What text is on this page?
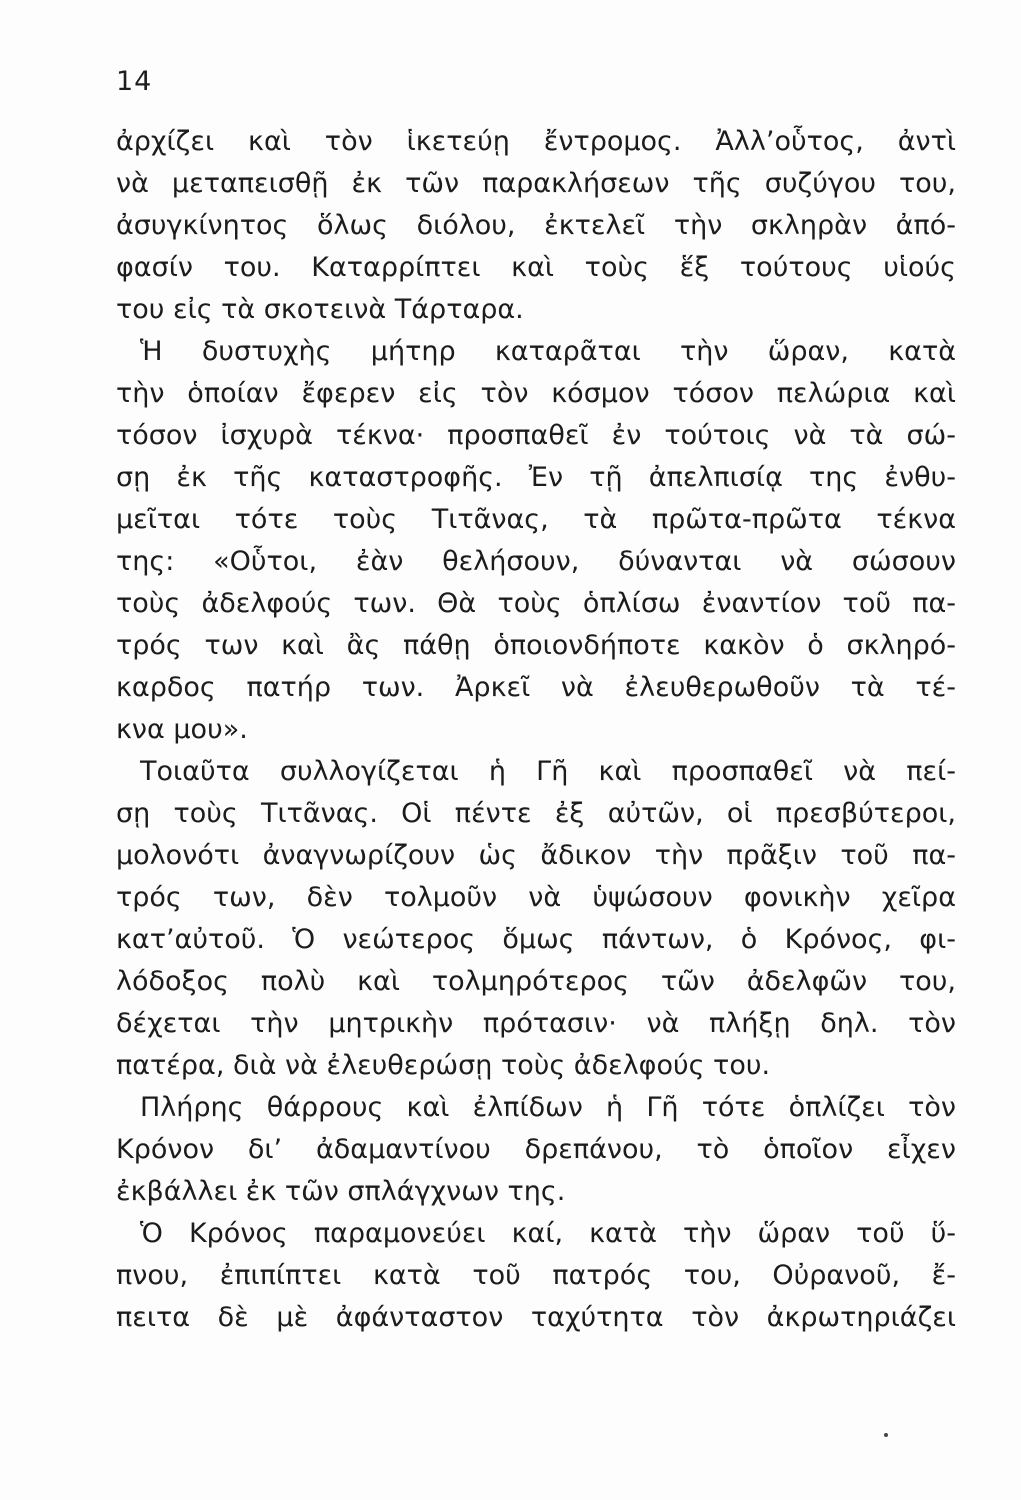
14
ἀρχίζει καὶ τὸν ἱκετεύῃ ἔντρομος. Ἀλλ’οὗτος, ἀντὶ
νὰ μεταπεισθῇ ἐκ τῶν παρακλήσεων τῆς συζύγου του,
ἀσυγκίνητος ὅλως διόλου, ἐκτελεῖ τὴν σκληρὰν ἀπό-
φασίν του. Καταρρίπτει καὶ τοὺς ἕξ τούτους υἱούς
του εἰς τὰ σκοτεινὰ Τάρταρα.
Ἡ δυστυχὴς μήτηρ καταρᾶται τὴν ὥραν, κατὰ
τὴν ὁποίαν ἔφερεν εἰς τὸν κόσμον τόσον πελώρια καὶ
τόσον ἰσχυρὰ τέκνα· προσπαθεῖ ἐν τούτοις νὰ τὰ σώ-
σῃ ἐκ τῆς καταστροφῆς. Ἐν τῇ ἀπελπισίᾳ της ἐνθυ-
μεῖται τότε τοὺς Τιτᾶνας, τὰ πρῶτα-πρῶτα τέκνα
της: «Οὗτοι, ἐὰν θελήσουν, δύνανται νὰ σώσουν
τοὺς ἀδελφούς των. Θὰ τοὺς ὁπλίσω ἐναντίον τοῦ πα-
τρός των καὶ ἂς πάθῃ ὁποιονδήποτε κακὸν ὁ σκληρό-
καρδος πατήρ των. Ἀρκεῖ νὰ ἐλευθερωθοῦν τὰ τέ-
κνα μου».
Τοιαῦτα συλλογίζεται ἡ Γῆ καὶ προσπαθεῖ νὰ πεί-
σῃ τοὺς Τιτᾶνας. Οἱ πέντε ἐξ αὐτῶν, οἱ πρεσβύτεροι,
μολονότι ἀναγνωρίζουν ὡς ἄδικον τὴν πρᾶξιν τοῦ πα-
τρός των, δὲν τολμοῦν νὰ ὑψώσουν φονικὴν χεῖρα
κατ’αὐτοῦ. Ὁ νεώτερος ὅμως πάντων, ὁ Κρόνος, φι-
λόδοξος πολὺ καὶ τολμηρότερος τῶν ἀδελφῶν του,
δέχεται τὴν μητρικὴν πρότασιν· νὰ πλήξῃ δηλ. τὸν
πατέρα, διὰ νὰ ἐλευθερώσῃ τοὺς ἀδελφούς του.
Πλήρης θάρρους καὶ ἐλπίδων ἡ Γῆ τότε ὁπλίζει τὸν
Κρόνον δι’ ἀδαμαντίνου δρεπάνου, τὸ ὁποῖον εἶχεν
ἐκβάλλει ἐκ τῶν σπλάγχνων της.
Ὁ Κρόνος παραμονεύει καί, κατὰ τὴν ὥραν τοῦ ὕ-
πνου, ἐπιπίπτει κατὰ τοῦ πατρός του, Οὐρανοῦ, ἔ-
πειτα δὲ μὲ ἀφάνταστον ταχύτητα τὸν ἀκρωτηριάζει
